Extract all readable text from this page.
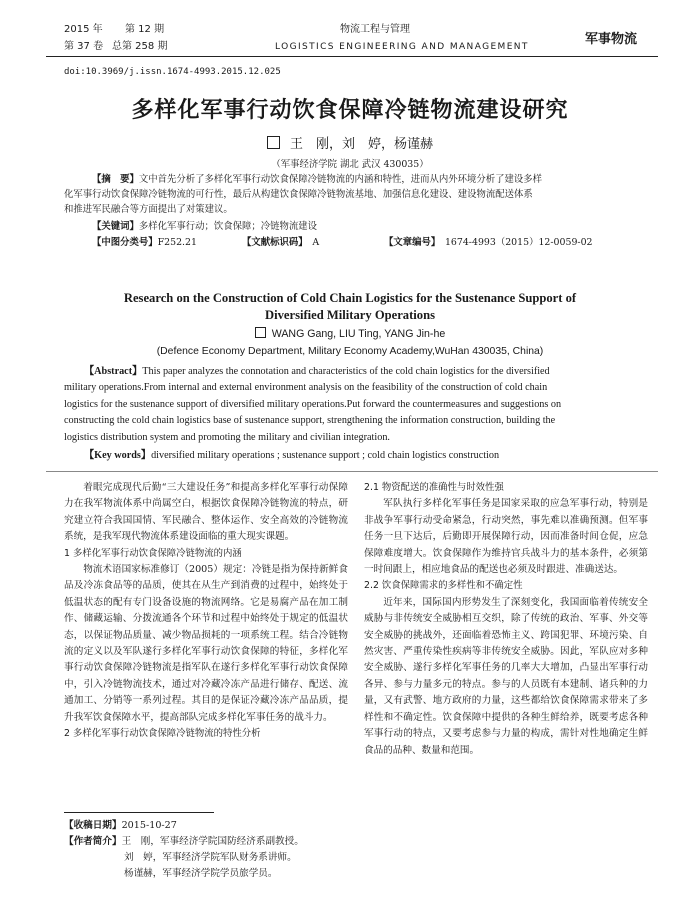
2015 年 第 12 期
第 37 卷 总第 258 期
物流工程与管理
LOGISTICS ENGINEERING AND MANAGEMENT	军事物流
doi:10.3969/j.issn.1674-4993.2015.12.025
多样化军事行动饮食保障冷链物流建设研究
王　刚，刘　婷，杨谨赫
（军事经济学院 湖北 武汉 430035）
【摘　要】文中首先分析了多样化军事行动饮食保障冷链物流的内涵和特性，进而从内外环境分析了建设多样
化军事行动饮食保障冷链物流的可行性，最后从构建饮食保障冷链物流基地、加强信息化建设、建设物流配送体系
和推进军民融合等方面提出了对策建议。
【关键词】多样化军事行动；饮食保障；冷链物流建设
【中图分类号】F252.21	【文献标识码】　 A	【文章编号】　 1674-4993（2015）12-0059-02
Research on the Construction of Cold Chain Logistics for the Sustenance Support of
Diversified Military Operations
WANG Gang, LIU Ting, YANG Jin-he
(Defence Economy Department, Military Economy Academy,WuHan 430035, China)
【Abstract】This paper analyzes the connotation and characteristics of the cold chain logistics for the diversified
military operations.From internal and external environment analysis on the feasibility of the construction of cold chain
logistics for the sustenance support of diversified military operations.Put forward the countermeasures and suggestions on
constructing the cold chain logistics base of sustenance support, strengthening the information construction, building the
logistics distribution system and promoting the military and civilian integration.
【Key words】diversified military operations ; sustenance support ; cold chain logistics construction

着眼完成现代后勤“三大建设任务”和提高多样化军事行动保障力在我军物流体系中尚属空白，根据饮食保障冷链物流的特点，研究建立符合我国国情、军民融合、整体运作、安全高效的冷链物流系统，是我军现代物流体系建设面临的重大现实课题。

1 多样化军事行动饮食保障冷链物流的内涵

物流术语国家标准修订（2005）规定：冷链是指为保持新鲜食品及冷冻食品等的品质，使其在从生产到消费的过程中，始终处于低温状态的配有专门设备设施的物流网络。它是易腐产品在加工制作、储藏运输、分拨流通各个环节和过程中始终处于规定的低温状态，以保证物品质量、减少物品损耗的一项系统工程。结合冷链物流的定义以及军队遂行多样化军事行动饮食保障的特征，多样化军事行动饮食保障冷链物流是指军队在遂行多样化军事行动饮食保障中，引入冷链物流技术，通过对冷藏冷冻产品进行储存、配送、流通加工、分销等一系列过程。其目的是保证冷藏冷冻产品品质，提升我军饮食保障水平，提高部队完成多样化军事任务的战斗力。

2 多样化军事行动饮食保障冷链物流的特性分析
2.1 物资配送的准确性与时效性强

军队执行多样化军事任务是国家采取的应急军事行动，特别是非战争军事行动受命紧急，行动突然，事先难以准确预测。但军事任务一旦下达后，后勤即开展保障行动，因而准备时间仓促，应急保障难度增大。饮食保障作为维持官兵战斗力的基本条件，必须第一时间跟上，相应地食品的配送也必须及时跟进、准确送达。

2.2 饮食保障需求的多样性和不确定性

近年来，国际国内形势发生了深刻变化，我国面临着传统安全威胁与非传统安全威胁相互交织，除了传统的政治、军事、外交等安全威胁的挑战外，还面临着恐怖主义、跨国犯罪、环境污染、自然灾害、严重传染性疾病等非传统安全威胁。因此，军队应对多种安全威胁、遂行多样化军事任务的几率大大增加，凸显出军事行动各异、参与力量多元的特点。参与的人员既有本建制、诸兵种的力量，又有武警、地方政府的力量，这些都给饮食保障需求带来了多样性和不确定性。饮食保障中提供的各种生鲜给养，既要考虑各种军事行动的特点，又要考虑参与力量的构成，需针对性地确定生鲜食品的品种、数量和范围。

【收稿日期】2015-10-27
【作者简介】王　刚，军事经济学院国防经济系副教授。
刘　婷，军事经济学院军队财务系讲师。
杨谨赫，军事经济学院学员旅学员。
